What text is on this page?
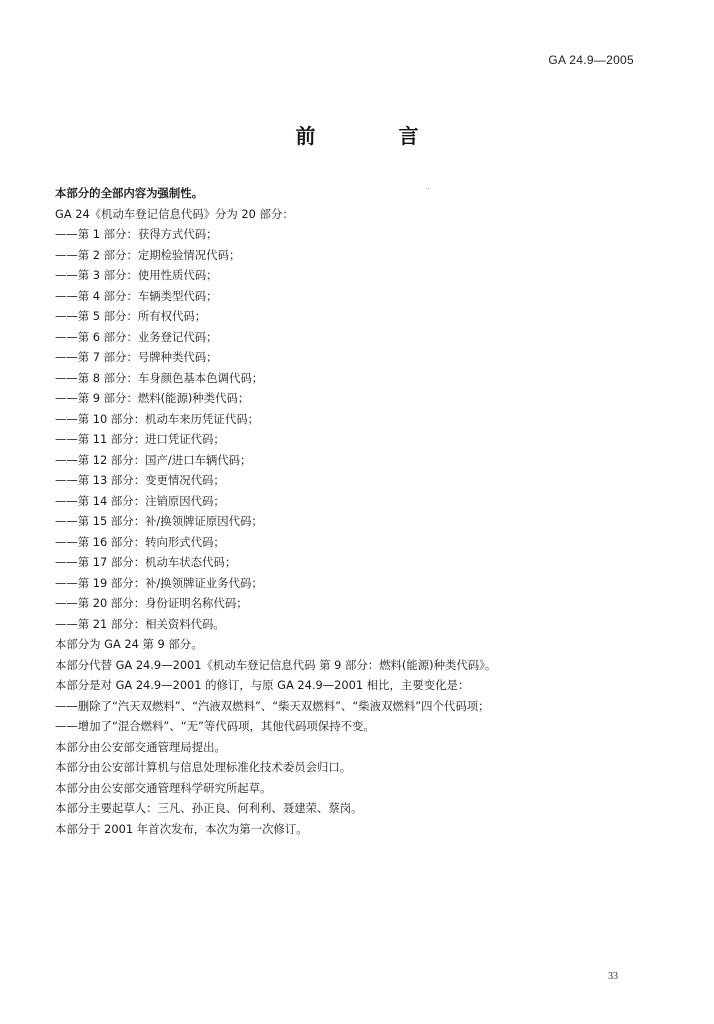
GA 24.9—2005
前 言
本部分的全部内容为强制性。
GA 24《机动车登记信息代码》分为 20 部分：
——第 1 部分：获得方式代码；
——第 2 部分：定期检验情况代码；
——第 3 部分：使用性质代码；
——第 4 部分：车辆类型代码；
——第 5 部分：所有权代码；
——第 6 部分：业务登记代码；
——第 7 部分：号牌种类代码；
——第 8 部分：车身颜色基本色调代码；
——第 9 部分：燃料(能源)种类代码；
——第 10 部分：机动车来历凭证代码；
——第 11 部分：进口凭证代码；
——第 12 部分：国产/进口车辆代码；
——第 13 部分：变更情况代码；
——第 14 部分：注销原因代码；
——第 15 部分：补/换领牌证原因代码；
——第 16 部分：转向形式代码；
——第 17 部分：机动车状态代码；
——第 19 部分：补/换领牌证业务代码；
——第 20 部分：身份证明名称代码；
——第 21 部分：相关资料代码。
本部分为 GA 24 第 9 部分。
本部分代替 GA 24.9—2001《机动车登记信息代码 第 9 部分：燃料(能源)种类代码》。
本部分是对 GA 24.9—2001 的修订，与原 GA 24.9—2001 相比，主要变化是：
——删除了“汽天双燃料”、“汽液双燃料”、“柴天双燃料”、“柴液双燃料”四个代码项；
——增加了“混合燃料”、“无”等代码项，其他代码项保持不变。
本部分由公安部交通管理局提出。
本部分由公安部计算机与信息处理标准化技术委员会归口。
本部分由公安部交通管理科学研究所起草。
本部分主要起草人：三凡、孙正良、何利利、聂建荣、蔡岗。
本部分于 2001 年首次发布，本次为第一次修订。
33
